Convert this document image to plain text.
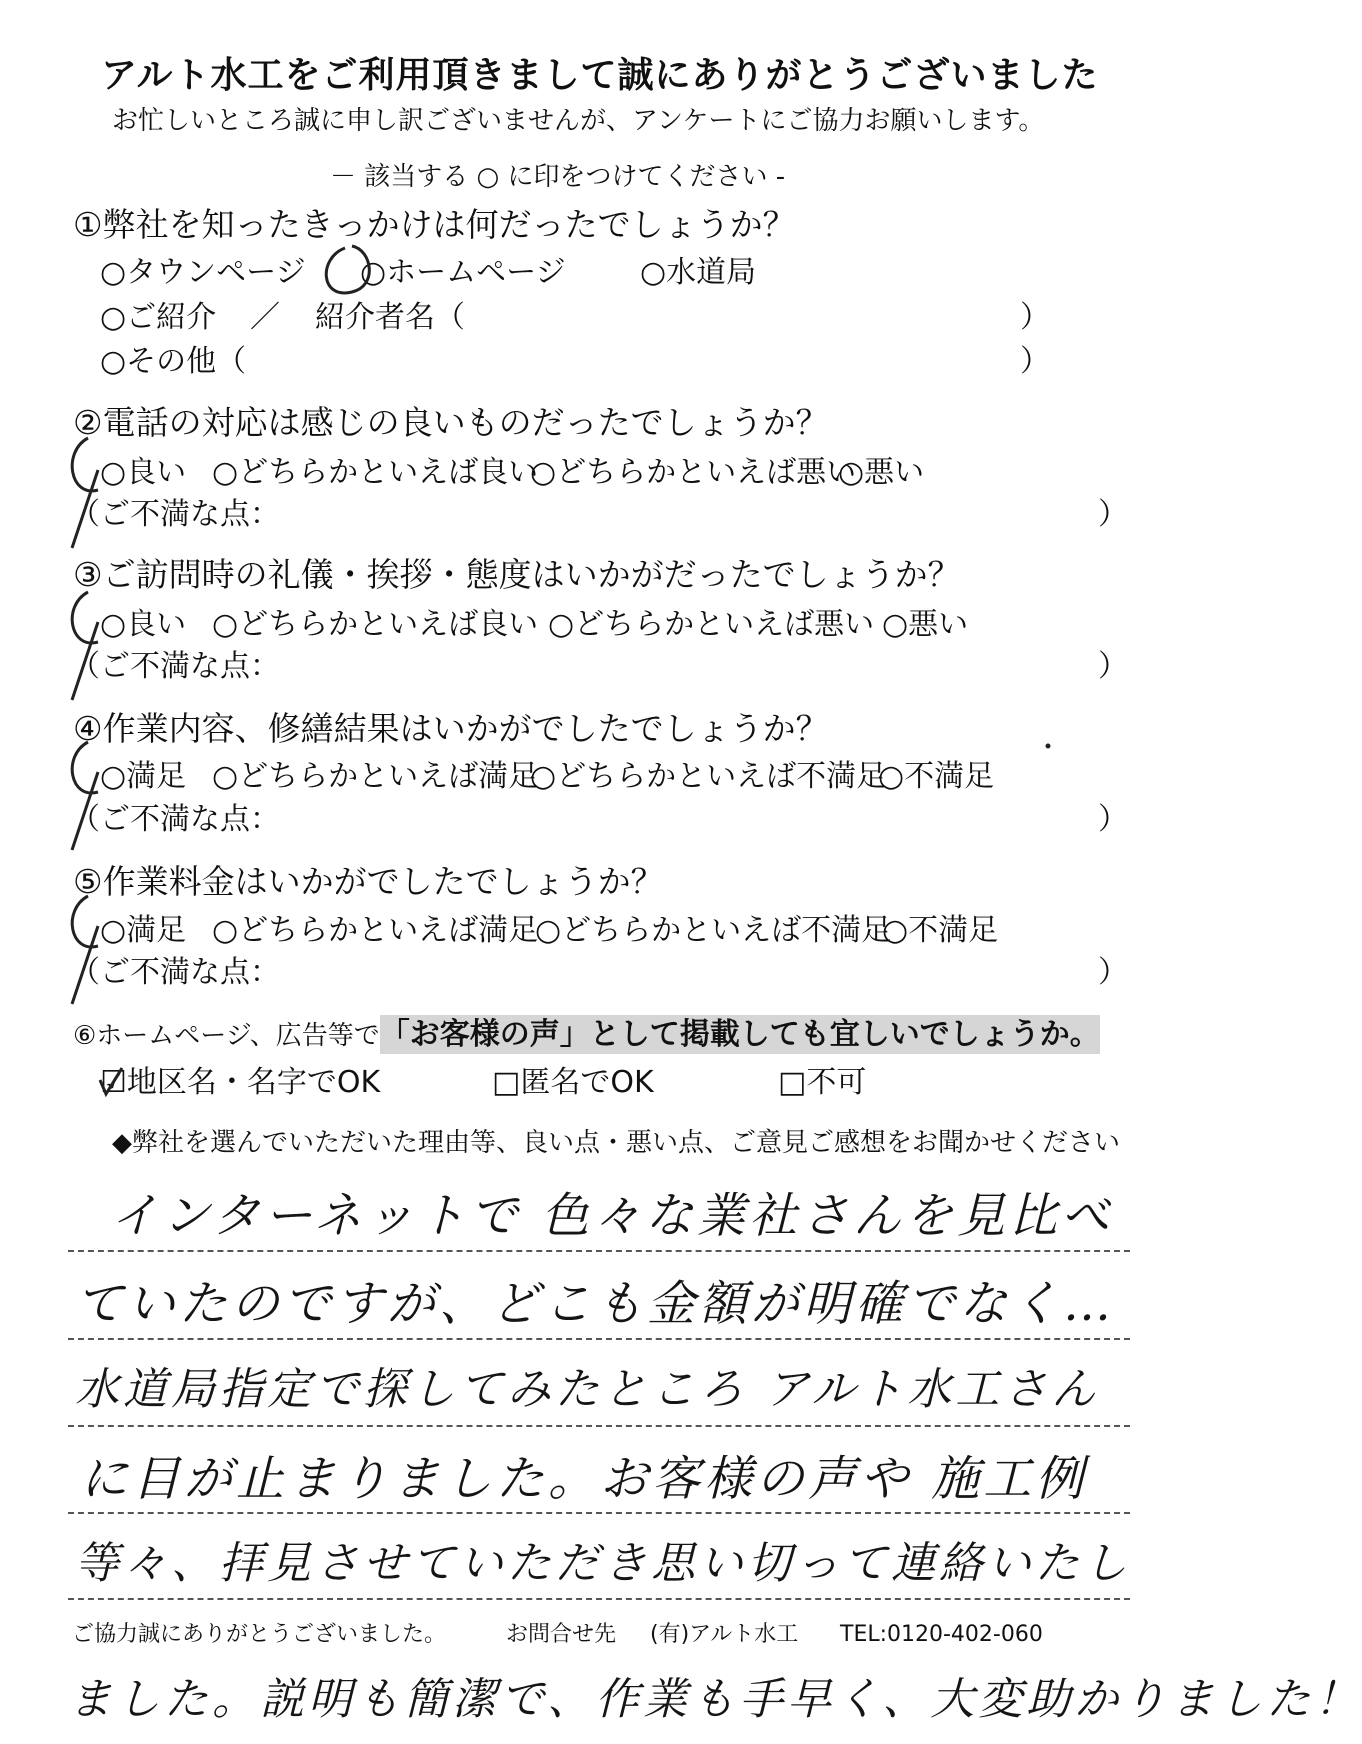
アルト水工をご利用頂きまして誠にありがとうございました
お忙しいところ誠に申し訳ございませんが、アンケートにご協力お願いします。
－ 該当する ○ に印をつけてください -
①弊社を知ったきっかけは何だったでしょうか？
○タウンページ ○ホームページ ○水道局
○ご紹介 ／ 紹介者名（	）
○その他（	）
②電話の対応は感じの良いものだったでしょうか？
○良い ○どちらかといえば良い
○どちらかといえば悪い
○悪い
（ご不満な点：	）
③ご訪問時の礼儀・挨拶・態度はいかがだったでしょうか？
○良い ○どちらかといえば良い ○どちらかといえば悪い ○悪い
（ご不満な点：	）
④作業内容、修繕結果はいかがでしたでしょうか？
○満足 ○どちらかといえば満足
○どちらかといえば不満足
○不満足
（ご不満な点：	）
⑤作業料金はいかがでしたでしょうか？
○満足 ○どちらかといえば満足
○どちらかといえば不満足
○不満足
（ご不満な点：	）
⑥ホームページ、広告等で「お客様の声」として掲載しても宜しいでしょうか。
☑地区名・名字でOK	□匿名でOK	□不可
◆弊社を選んでいただいた理由等、良い点・悪い点、ご意見ご感想をお聞かせください
インターネットで 色々な業社さんを見比べ
ていたのですが、どこも金額が明確でなく…
水道局指定で探してみたところ アルト水工さん
に目が止まりました。お客様の声や 施工例
等々、拝見させていただき思い切って連絡いたし
ました。説明も簡潔で、作業も手早く、大変助かりました！
ご協力誠にありがとうございました。	お問合せ先 (有)アルト水工 TEL:0120-402-060
